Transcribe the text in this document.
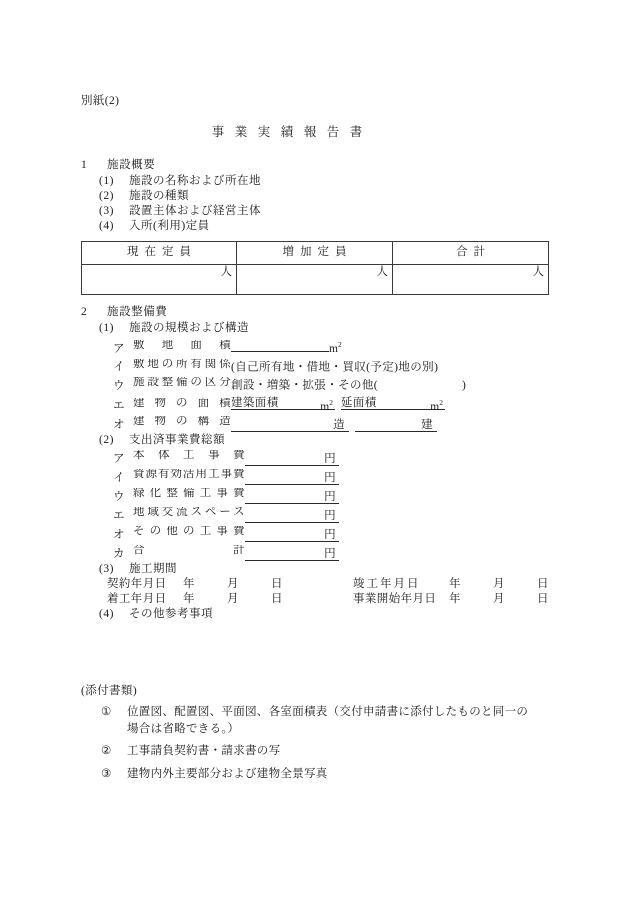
別紙(2)
事業実績報告書
1 施設概要
(1) 施設の名称および所在地
(2) 施設の種類
(3) 設置主体および経営主体
(4) 入所(利用)定員
現在定員	増加定員	合計
人	人	人
2 施設整備費
(1) 施設の規模および構造
ア 敷地面積	$m^2$
イ 敷地の所有関係(自己所有地・借地・買収(予定)地の別)
ウ 施設整備の区分創設・増築・拡張・その他(	)
エ 建物の面積 建築面積	$m^2$ 延面積	$m^2$
オ 建物の構造	造	建
(2) 支出済事業費総額
ア 本体工事費	円
イ 資源有効活用工事費	円
ウ 緑化整備工事費	円
エ 地域交流スペース	円
オ その他の工事費	円
カ 合計	円
(3) 施工期間
契約年月日 年	月	日	竣工年月日 年	月	日
着工年月日 年	月	日	事業開始年月日 年	月	日
(4) その他参考事項
(添付書類)
① 位置図、配置図、平面図、各室面積表（交付申請書に添付したものと同一の場合は省略できる。）
② 工事請負契約書・請求書の写
③ 建物内外主要部分および建物全景写真
